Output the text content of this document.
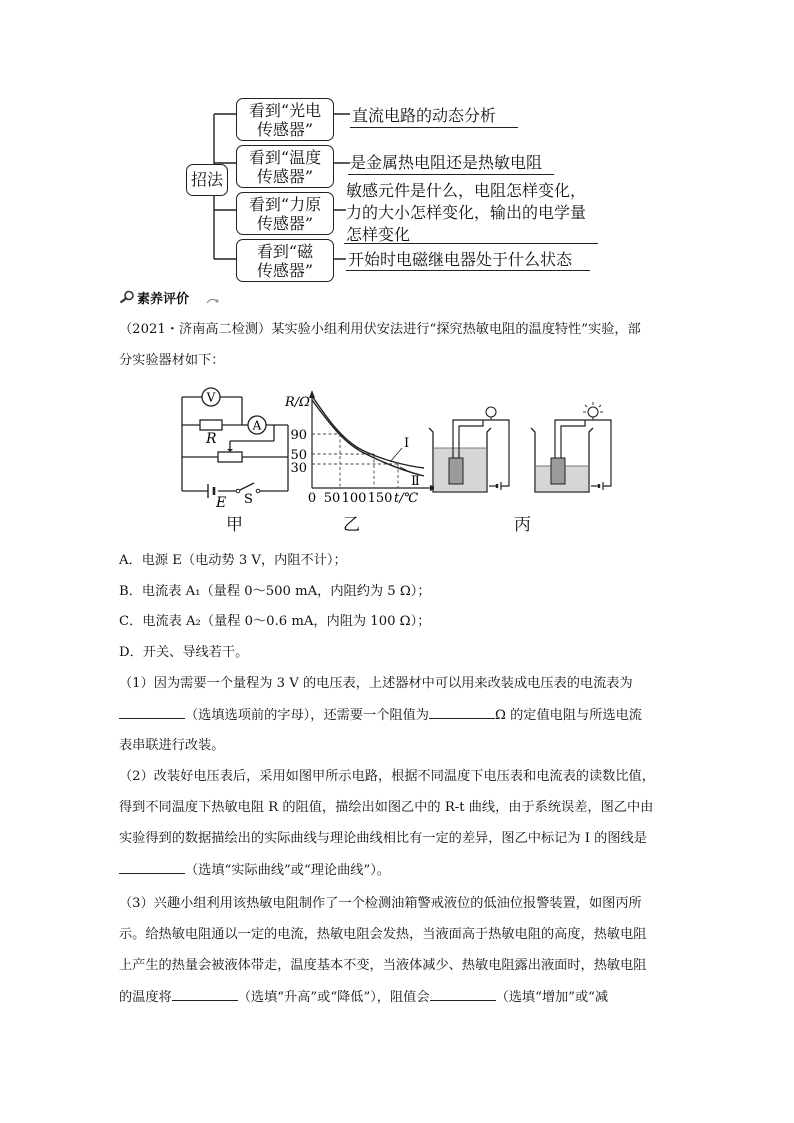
招法
看到“光电
传感器”
看到“温度
传感器”
看到“力原
传感器”
看到“磁
传感器”
直流电路的动态分析
是金属热电阻还是热敏电阻
敏感元件是什么，电阻怎样变化，
力的大小怎样变化，输出的电学量
怎样变化
开始时电磁继电器处于什么状态
素养评价
（2021・济南高二检测）某实验小组利用伏安法进行“探究热敏电阻的温度特性”实验，部
分实验器材如下：
V
A
R
E S
甲
R/Ω
t/℃
90
50
30
0 50 100 150
Ⅰ
Ⅱ
乙	丙
A．电源 E（电动势 3 V，内阻不计）；
B．电流表 A₁（量程 0～500 mA，内阻约为 5 Ω）；
C．电流表 A₂（量程 0～0.6 mA，内阻为 100 Ω）；
D．开关、导线若干。
（1）因为需要一个量程为 3 V 的电压表，上述器材中可以用来改装成电压表的电流表为
（选填选项前的字母），还需要一个阻值为	Ω 的定值电阻与所选电流
表串联进行改装。
（2）改装好电压表后，采用如图甲所示电路，根据不同温度下电压表和电流表的读数比值，
得到不同温度下热敏电阻 R 的阻值，描绘出如图乙中的 R-t 曲线，由于系统误差，图乙中由
实验得到的数据描绘出的实际曲线与理论曲线相比有一定的差异，图乙中标记为 Ⅰ 的图线是
（选填“实际曲线”或“理论曲线”）。
（3）兴趣小组利用该热敏电阻制作了一个检测油箱警戒液位的低油位报警装置，如图丙所
示。给热敏电阻通以一定的电流，热敏电阻会发热，当液面高于热敏电阻的高度，热敏电阻
上产生的热量会被液体带走，温度基本不变，当液体减少、热敏电阻露出液面时，热敏电阻
的温度将	（选填“升高”或“降低”），阻值会	（选填“增加”或“减
